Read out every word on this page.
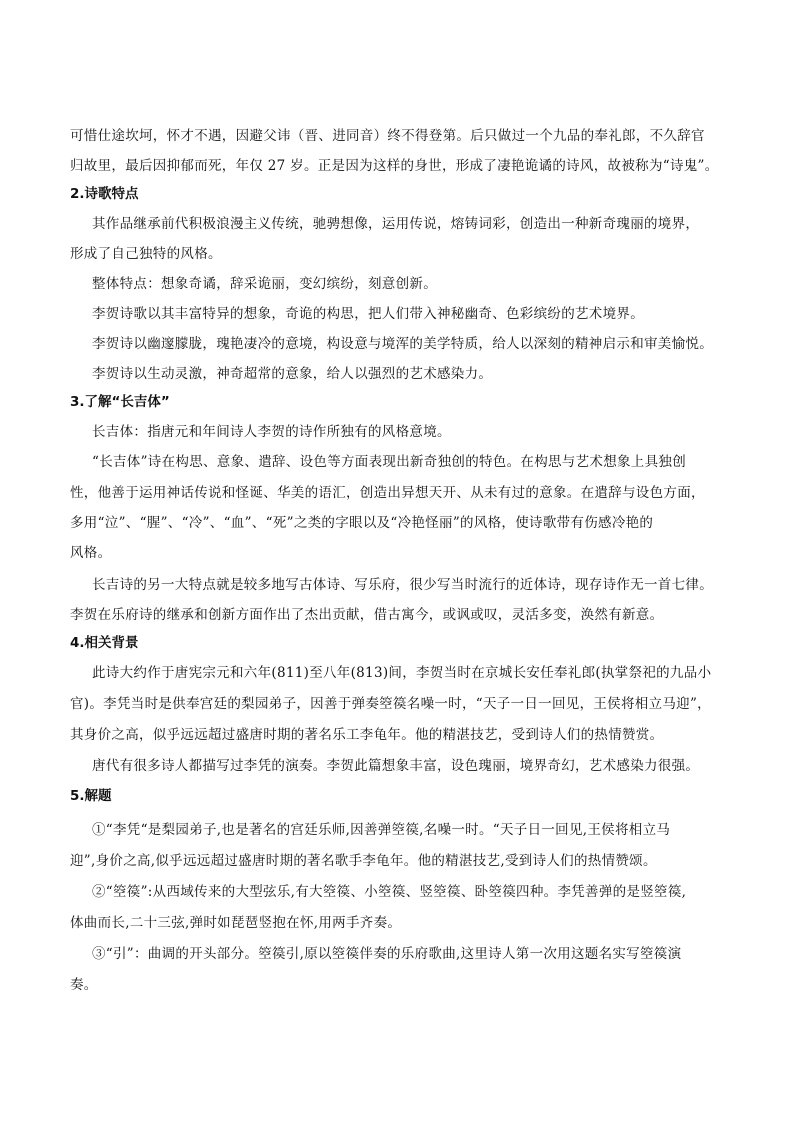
可惜仕途坎坷，怀才不遇，因避父讳（晋、进同音）终不得登第。后只做过一个九品的奉礼郎，不久辞官
归故里，最后因抑郁而死，年仅 27 岁。正是因为这样的身世，形成了凄艳诡谲的诗风，故被称为“诗鬼”。
2.诗歌特点
其作品继承前代积极浪漫主义传统，驰骋想像，运用传说，熔铸词彩，创造出一种新奇瑰丽的境界，
形成了自己独特的风格。
整体特点：想象奇谲，辞采诡丽，变幻缤纷，刻意创新。
李贺诗歌以其丰富特异的想象，奇诡的构思，把人们带入神秘幽奇、色彩缤纷的艺术境界。
李贺诗以幽邃朦胧，瑰艳凄冷的意境，构设意与境浑的美学特质，给人以深刻的精神启示和审美愉悦。
李贺诗以生动灵激，神奇超常的意象，给人以强烈的艺术感染力。
3.了解“长吉体”
长吉体：指唐元和年间诗人李贺的诗作所独有的风格意境。
“长吉体”诗在构思、意象、遣辞、设色等方面表现出新奇独创的特色。在构思与艺术想象上具独创
性，他善于运用神话传说和怪诞、华美的语汇，创造出异想天开、从未有过的意象。在遣辞与设色方面，
多用“泣”、“腥”、“冷”、“血”、“死”之类的字眼以及“冷艳怪丽”的风格，使诗歌带有伤感冷艳的
风格。
长吉诗的另一大特点就是较多地写古体诗、写乐府，很少写当时流行的近体诗，现存诗作无一首七律。
李贺在乐府诗的继承和创新方面作出了杰出贡献，借古寓今，或讽或叹，灵活多变，涣然有新意。
4.相关背景
此诗大约作于唐宪宗元和六年(811)至八年(813)间，李贺当时在京城长安任奉礼郎(执掌祭祀的九品小
官)。李凭当时是供奉宫廷的梨园弟子，因善于弹奏箜篌名噪一时，“天子一日一回见，王侯将相立马迎”，
其身价之高，似乎远远超过盛唐时期的著名乐工李龟年。他的精湛技艺，受到诗人们的热情赞赏。
唐代有很多诗人都描写过李凭的演奏。李贺此篇想象丰富，设色瑰丽，境界奇幻，艺术感染力很强。
5.解题
①“李凭“是梨园弟子,也是著名的宫廷乐师,因善弹箜篌,名噪一时。“天子日一回见,王侯将相立马
迎”,身价之高,似乎远远超过盛唐时期的著名歌手李龟年。他的精湛技艺,受到诗人们的热情赞颂。
②“箜篌”:从西域传来的大型弦乐,有大箜篌、小箜篌、竖箜篌、卧箜篌四种。李凭善弹的是竖箜篌,
体曲而长,二十三弦,弹时如琵琶竖抱在怀,用两手齐奏。
③“引”：曲调的开头部分。箜篌引,原以箜篌伴奏的乐府歌曲,这里诗人第一次用这题名实写箜篌演
奏。
